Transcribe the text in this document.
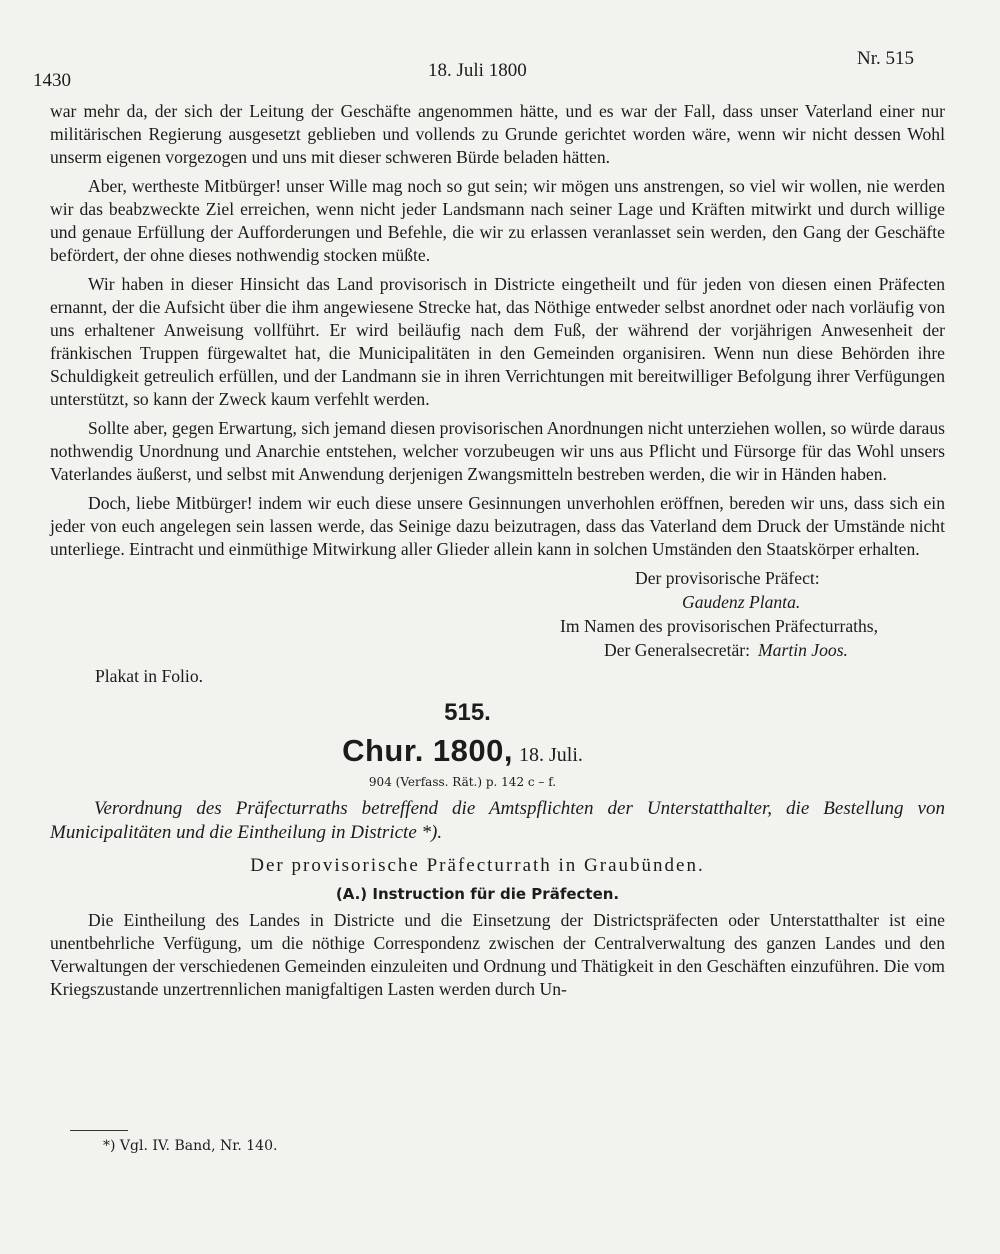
1430	18. Juli 1800
Nr. 515

war mehr da, der sich der Leitung der Geschäfte angenommen hätte, und es war der Fall, dass unser Vaterland einer nur militärischen Regierung ausgesetzt geblieben und vollends zu Grunde gerichtet worden wäre, wenn wir nicht dessen Wohl unserm eigenen vorgezogen und uns mit dieser schweren Bürde beladen hätten.

Aber, wertheste Mitbürger! unser Wille mag noch so gut sein; wir mögen uns anstrengen, so viel wir wollen, nie werden wir das beabzweckte Ziel erreichen, wenn nicht jeder Landsmann nach seiner Lage und Kräften mitwirkt und durch willige und genaue Erfüllung der Aufforderungen und Befehle, die wir zu erlassen veranlasset sein werden, den Gang der Geschäfte befördert, der ohne dieses nothwendig stocken müßte.

Wir haben in dieser Hinsicht das Land provisorisch in Districte eingetheilt und für jeden von diesen einen Präfecten ernannt, der die Aufsicht über die ihm angewiesene Strecke hat, das Nöthige entweder selbst anordnet oder nach vorläufig von uns erhaltener Anweisung vollführt. Er wird beiläufig nach dem Fuß, der während der vorjährigen Anwesenheit der fränkischen Truppen fürgewaltet hat, die Municipalitäten in den Gemeinden organisiren. Wenn nun diese Behörden ihre Schuldigkeit getreulich erfüllen, und der Landmann sie in ihren Verrichtungen mit bereitwilliger Befolgung ihrer Verfügungen unterstützt, so kann der Zweck kaum verfehlt werden.

Sollte aber, gegen Erwartung, sich jemand diesen provisorischen Anordnungen nicht unterziehen wollen, so würde daraus nothwendig Unordnung und Anarchie entstehen, welcher vorzubeugen wir uns aus Pflicht und Fürsorge für das Wohl unsers Vaterlandes äußerst, und selbst mit Anwendung derjenigen Zwangsmitteln bestreben werden, die wir in Händen haben.

Doch, liebe Mitbürger! indem wir euch diese unsere Gesinnungen unverhohlen eröffnen, bereden wir uns, dass sich ein jeder von euch angelegen sein lassen werde, das Seinige dazu beizutragen, dass das Vaterland dem Druck der Umstände nicht unterliege. Eintracht und einmüthige Mitwirkung aller Glieder allein kann in solchen Umständen den Staatskörper erhalten.

Der provisorische Präfect:
Gaudenz Planta.
Im Namen des provisorischen Präfecturraths,
Der Generalsecretär: Martin Joos.
Plakat in Folio.
515.
Chur. 1800, 18. Juli.
904 (Verfass. Rät.) p. 142 c – f.
Verordnung des Präfecturraths betreffend die Amtspflichten der Unterstatthalter, die Bestellung von Municipalitäten und die Eintheilung in Districte *).
Der provisorische Präfecturrath in Graubünden.
(A.) Instruction für die Präfecten.

Die Eintheilung des Landes in Districte und die Einsetzung der Districtspräfecten oder Unterstatthalter ist eine unentbehrliche Verfügung, um die nöthige Correspondenz zwischen der Centralverwaltung des ganzen Landes und den Verwaltungen der verschiedenen Gemeinden einzuleiten und Ordnung und Thätigkeit in den Geschäften einzuführen. Die vom Kriegszustande unzertrennlichen manigfaltigen Lasten werden durch Un-

*) Vgl. IV. Band, Nr. 140.
